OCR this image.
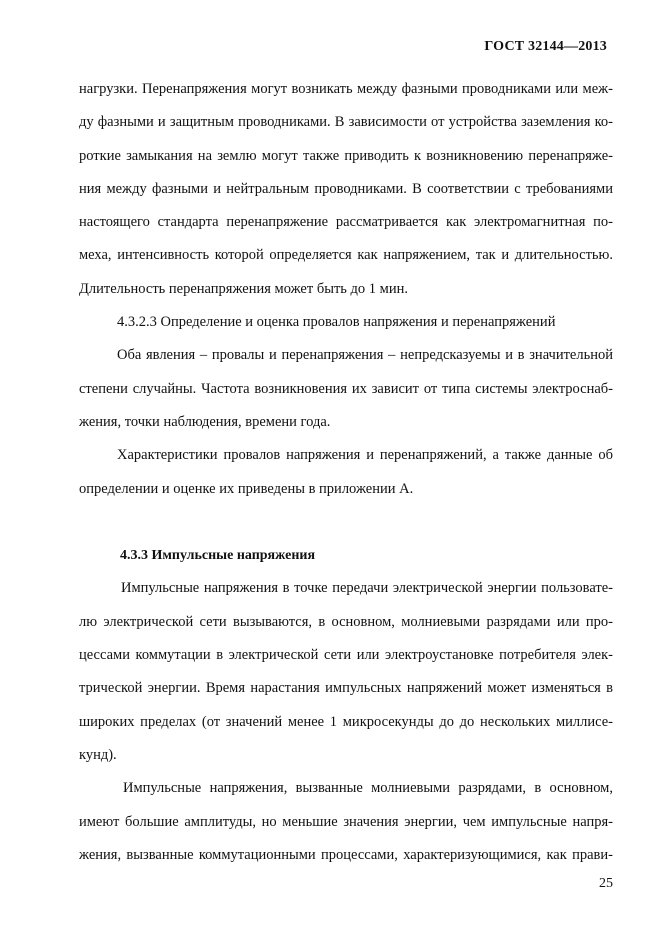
ГОСТ 32144—2013
нагрузки. Перенапряжения могут возникать между фазными проводниками или меж-
ду фазными и защитным проводниками. В зависимости от устройства заземления ко-
роткие замыкания на землю могут также приводить к возникновению перенапряже-
ния между фазными и нейтральным проводниками. В соответствии с требованиями
настоящего стандарта перенапряжение рассматривается как электромагнитная по-
меха, интенсивность которой определяется как напряжением, так и длительностью.
Длительность перенапряжения может быть до 1 мин.
4.3.2.3 Определение и оценка провалов напряжения и перенапряжений
Оба явления – провалы и перенапряжения – непредсказуемы и в значительной
степени случайны. Частота возникновения их зависит от типа системы электроснаб-
жения, точки наблюдения, времени года.
Характеристики провалов напряжения и перенапряжений, а также данные об
определении и оценке их приведены в приложении А.
4.3.3 Импульсные напряжения
Импульсные напряжения в точке передачи электрической энергии пользовате-
лю электрической сети вызываются, в основном, молниевыми разрядами или про-
цессами коммутации в электрической сети или электроустановке потребителя элек-
трической энергии. Время нарастания импульсных напряжений может изменяться в
широких пределах (от значений менее 1 микросекунды до до нескольких миллисе-
кунд).
Импульсные напряжения, вызванные молниевыми разрядами, в основном,
имеют большие амплитуды, но меньшие значения энергии, чем импульсные напря-
жения, вызванные коммутационными процессами, характеризующимися, как прави-
25
